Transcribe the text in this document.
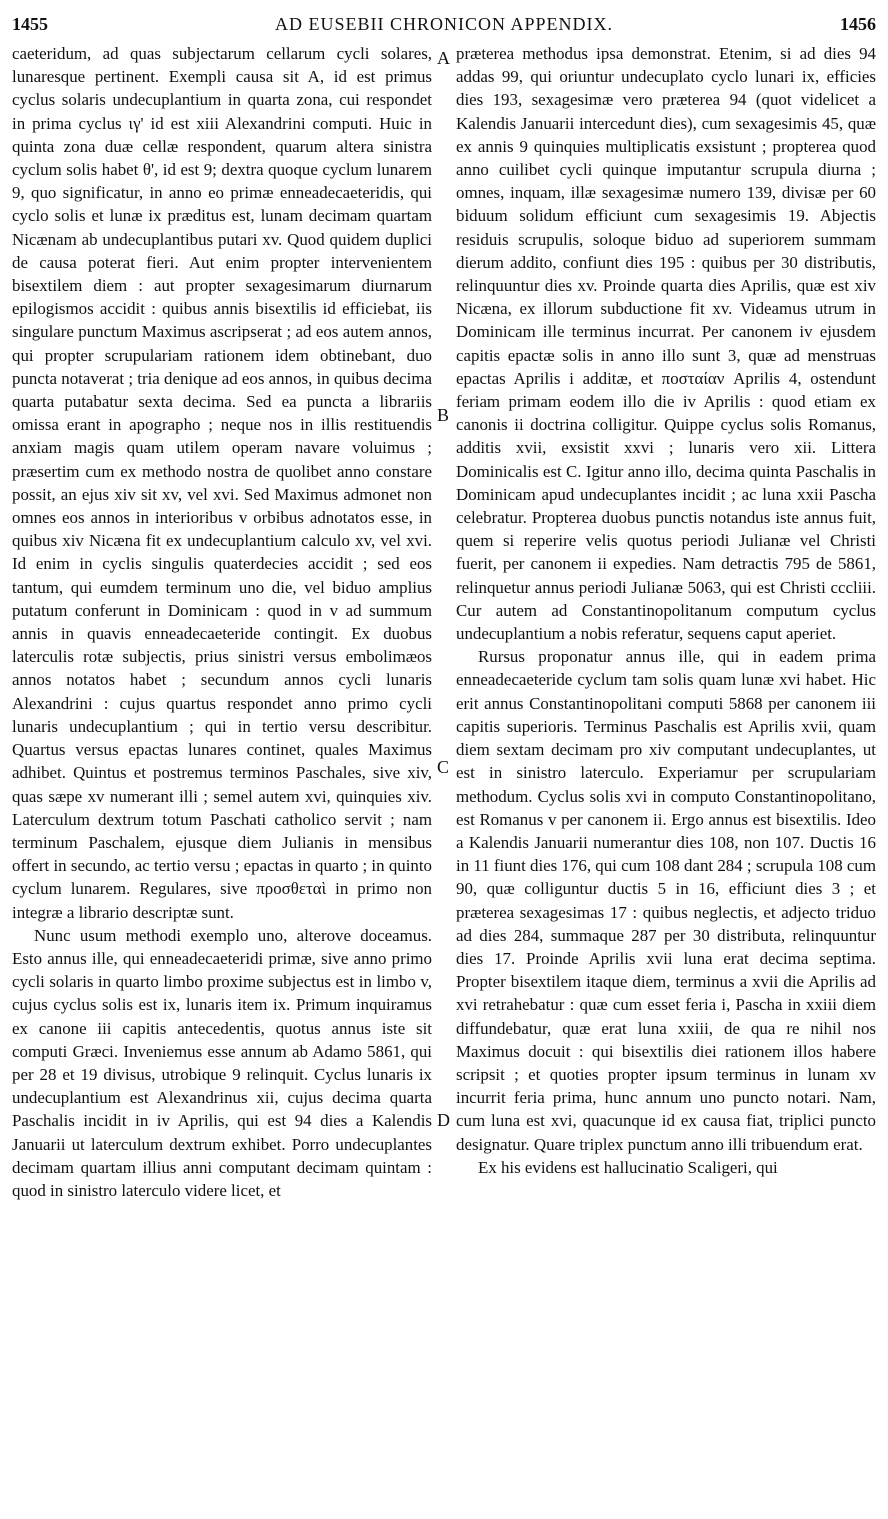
1455	AD EUSEBII CHRONICON APPENDIX.	1456

caeteridum, ad quas subjectarum cellarum cycli solares, lunaresque pertinent. Exempli causa sit A, id est primus cyclus solaris undecuplantium in quarta zona, cui respondet in prima cyclus ιγ' id est xiii Alexandrini computi. Huic in quinta zona duæ cellæ respondent, quarum altera sinistra cyclum solis habet θ', id est 9; dextra quoque cyclum lunarem 9, quo significatur, in anno eo primæ enneadecaeteridis, qui cyclo solis et lunæ ix præditus est, lunam decimam quartam Nicænam ab undecuplantibus putari xv. Quod quidem duplici de causa poterat fieri. Aut enim propter intervenientem bisextilem diem : aut propter sexagesimarum diurnarum epilogismos accidit : quibus annis bisextilis id efficiebat, iis singulare punctum Maximus ascripserat ; ad eos autem annos, qui propter scrupulariam rationem idem obtinebant, duo puncta notaverat ; tria denique ad eos annos, in quibus decima quarta putabatur sexta decima. Sed ea puncta a librariis omissa erant in apographo ; neque nos in illis restituendis anxiam magis quam utilem operam navare voluimus ; præsertim cum ex methodo nostra de quolibet anno constare possit, an ejus xiv sit xv, vel xvi. Sed Maximus admonet non omnes eos annos in interioribus v orbibus adnotatos esse, in quibus xiv Nicæna fit ex undecuplantium calculo xv, vel xvi. Id enim in cyclis singulis quaterdecies accidit ; sed eos tantum, qui eumdem terminum uno die, vel biduo amplius putatum conferunt in Dominicam : quod in v ad summum annis in quavis enneadecaeteride contingit. Ex duobus laterculis rotæ subjectis, prius sinistri versus embolimæos annos notatos habet ; secundum annos cycli lunaris Alexandrini : cujus quartus respondet anno primo cycli lunaris undecuplantium ; qui in tertio versu describitur. Quartus versus epactas lunares continet, quales Maximus adhibet. Quintus et postremus terminos Paschales, sive xiv, quas sæpe xv numerant illi ; semel autem xvi, quinquies xiv. Laterculum dextrum totum Paschati catholico servit ; nam terminum Paschalem, ejusque diem Julianis in mensibus offert in secundo, ac tertio versu ; epactas in quarto ; in quinto cyclum lunarem. Regulares, sive προσθεταὶ in primo non integræ a librario descriptæ sunt.

Nunc usum methodi exemplo uno, alterove doceamus. Esto annus ille, qui enneadecaeteridi primæ, sive anno primo cycli solaris in quarto limbo proxime subjectus est in limbo v, cujus cyclus solis est ix, lunaris item ix. Primum inquiramus ex canone iii capitis antecedentis, quotus annus iste sit computi Græci. Inveniemus esse annum ab Adamo 5861, qui per 28 et 19 divisus, utrobique 9 relinquit. Cyclus lunaris ix undecuplantium est Alexandrinus xii, cujus decima quarta Paschalis incidit in iv Aprilis, qui est 94 dies a Kalendis Januarii ut laterculum dextrum exhibet. Porro undecuplantes decimam quartam illius anni computant decimam quintam : quod in sinistro laterculo videre licet, et

præterea methodus ipsa demonstrat. Etenim, si ad dies 94 addas 99, qui oriuntur undecuplato cyclo lunari ix, efficies dies 193, sexagesimæ vero præterea 94 (quot videlicet a Kalendis Januarii intercedunt dies), cum sexagesimis 45, quæ ex annis 9 quinquies multiplicatis exsistunt ; propterea quod anno cuilibet cycli quinque imputantur scrupula diurna ; omnes, inquam, illæ sexagesimæ numero 139, divisæ per 60 biduum solidum efficiunt cum sexagesimis 19. Abjectis residuis scrupulis, soloque biduo ad superiorem summam dierum addito, confiunt dies 195 : quibus per 30 distributis, relinquuntur dies xv. Proinde quarta dies Aprilis, quæ est xiv Nicæna, ex illorum subductione fit xv. Videamus utrum in Dominicam ille terminus incurrat. Per canonem iv ejusdem capitis epactæ solis in anno illo sunt 3, quæ ad menstruas epactas Aprilis i additæ, et ποσταίαν Aprilis 4, ostendunt feriam primam eodem illo die iv Aprilis : quod etiam ex canonis ii doctrina colligitur. Quippe cyclus solis Romanus, additis xvii, exsistit xxvi ; lunaris vero xii. Littera Dominicalis est C. Igitur anno illo, decima quinta Paschalis in Dominicam apud undecuplantes incidit ; ac luna xxii Pascha celebratur. Propterea duobus punctis notandus iste annus fuit, quem si reperire velis quotus periodi Julianæ vel Christi fuerit, per canonem ii expedies. Nam detractis 795 de 5861, relinquetur annus periodi Julianæ 5063, qui est Christi cccliii. Cur autem ad Constantinopolitanum computum cyclus undecuplantium a nobis referatur, sequens caput aperiet.

Rursus proponatur annus ille, qui in eadem prima enneadecaeteride cyclum tam solis quam lunæ xvi habet. Hic erit annus Constantinopolitani computi 5868 per canonem iii capitis superioris. Terminus Paschalis est Aprilis xvii, quam diem sextam decimam pro xiv computant undecuplantes, ut est in sinistro laterculo. Experiamur per scrupulariam methodum. Cyclus solis xvi in computo Constantinopolitano, est Romanus v per canonem ii. Ergo annus est bisextilis. Ideo a Kalendis Januarii numerantur dies 108, non 107. Ductis 16 in 11 fiunt dies 176, qui cum 108 dant 284 ; scrupula 108 cum 90, quæ colliguntur ductis 5 in 16, efficiunt dies 3 ; et præterea sexagesimas 17 : quibus neglectis, et adjecto triduo ad dies 284, summaque 287 per 30 distributa, relinquuntur dies 17. Proinde Aprilis xvii luna erat decima septima. Propter bisextilem itaque diem, terminus a xvii die Aprilis ad xvi retrahebatur : quæ cum esset feria i, Pascha in xxiii diem diffundebatur, quæ erat luna xxiii, de qua re nihil nos Maximus docuit : qui bisextilis diei rationem illos habere scripsit ; et quoties propter ipsum terminus in lunam xv incurrit feria prima, hunc annum uno puncto notari. Nam, cum luna est xvi, quacunque id ex causa fiat, triplici puncto designatur. Quare triplex punctum anno illi tribuendum erat.

Ex his evidens est hallucinatio Scaligeri, qui

A
B
C
D
